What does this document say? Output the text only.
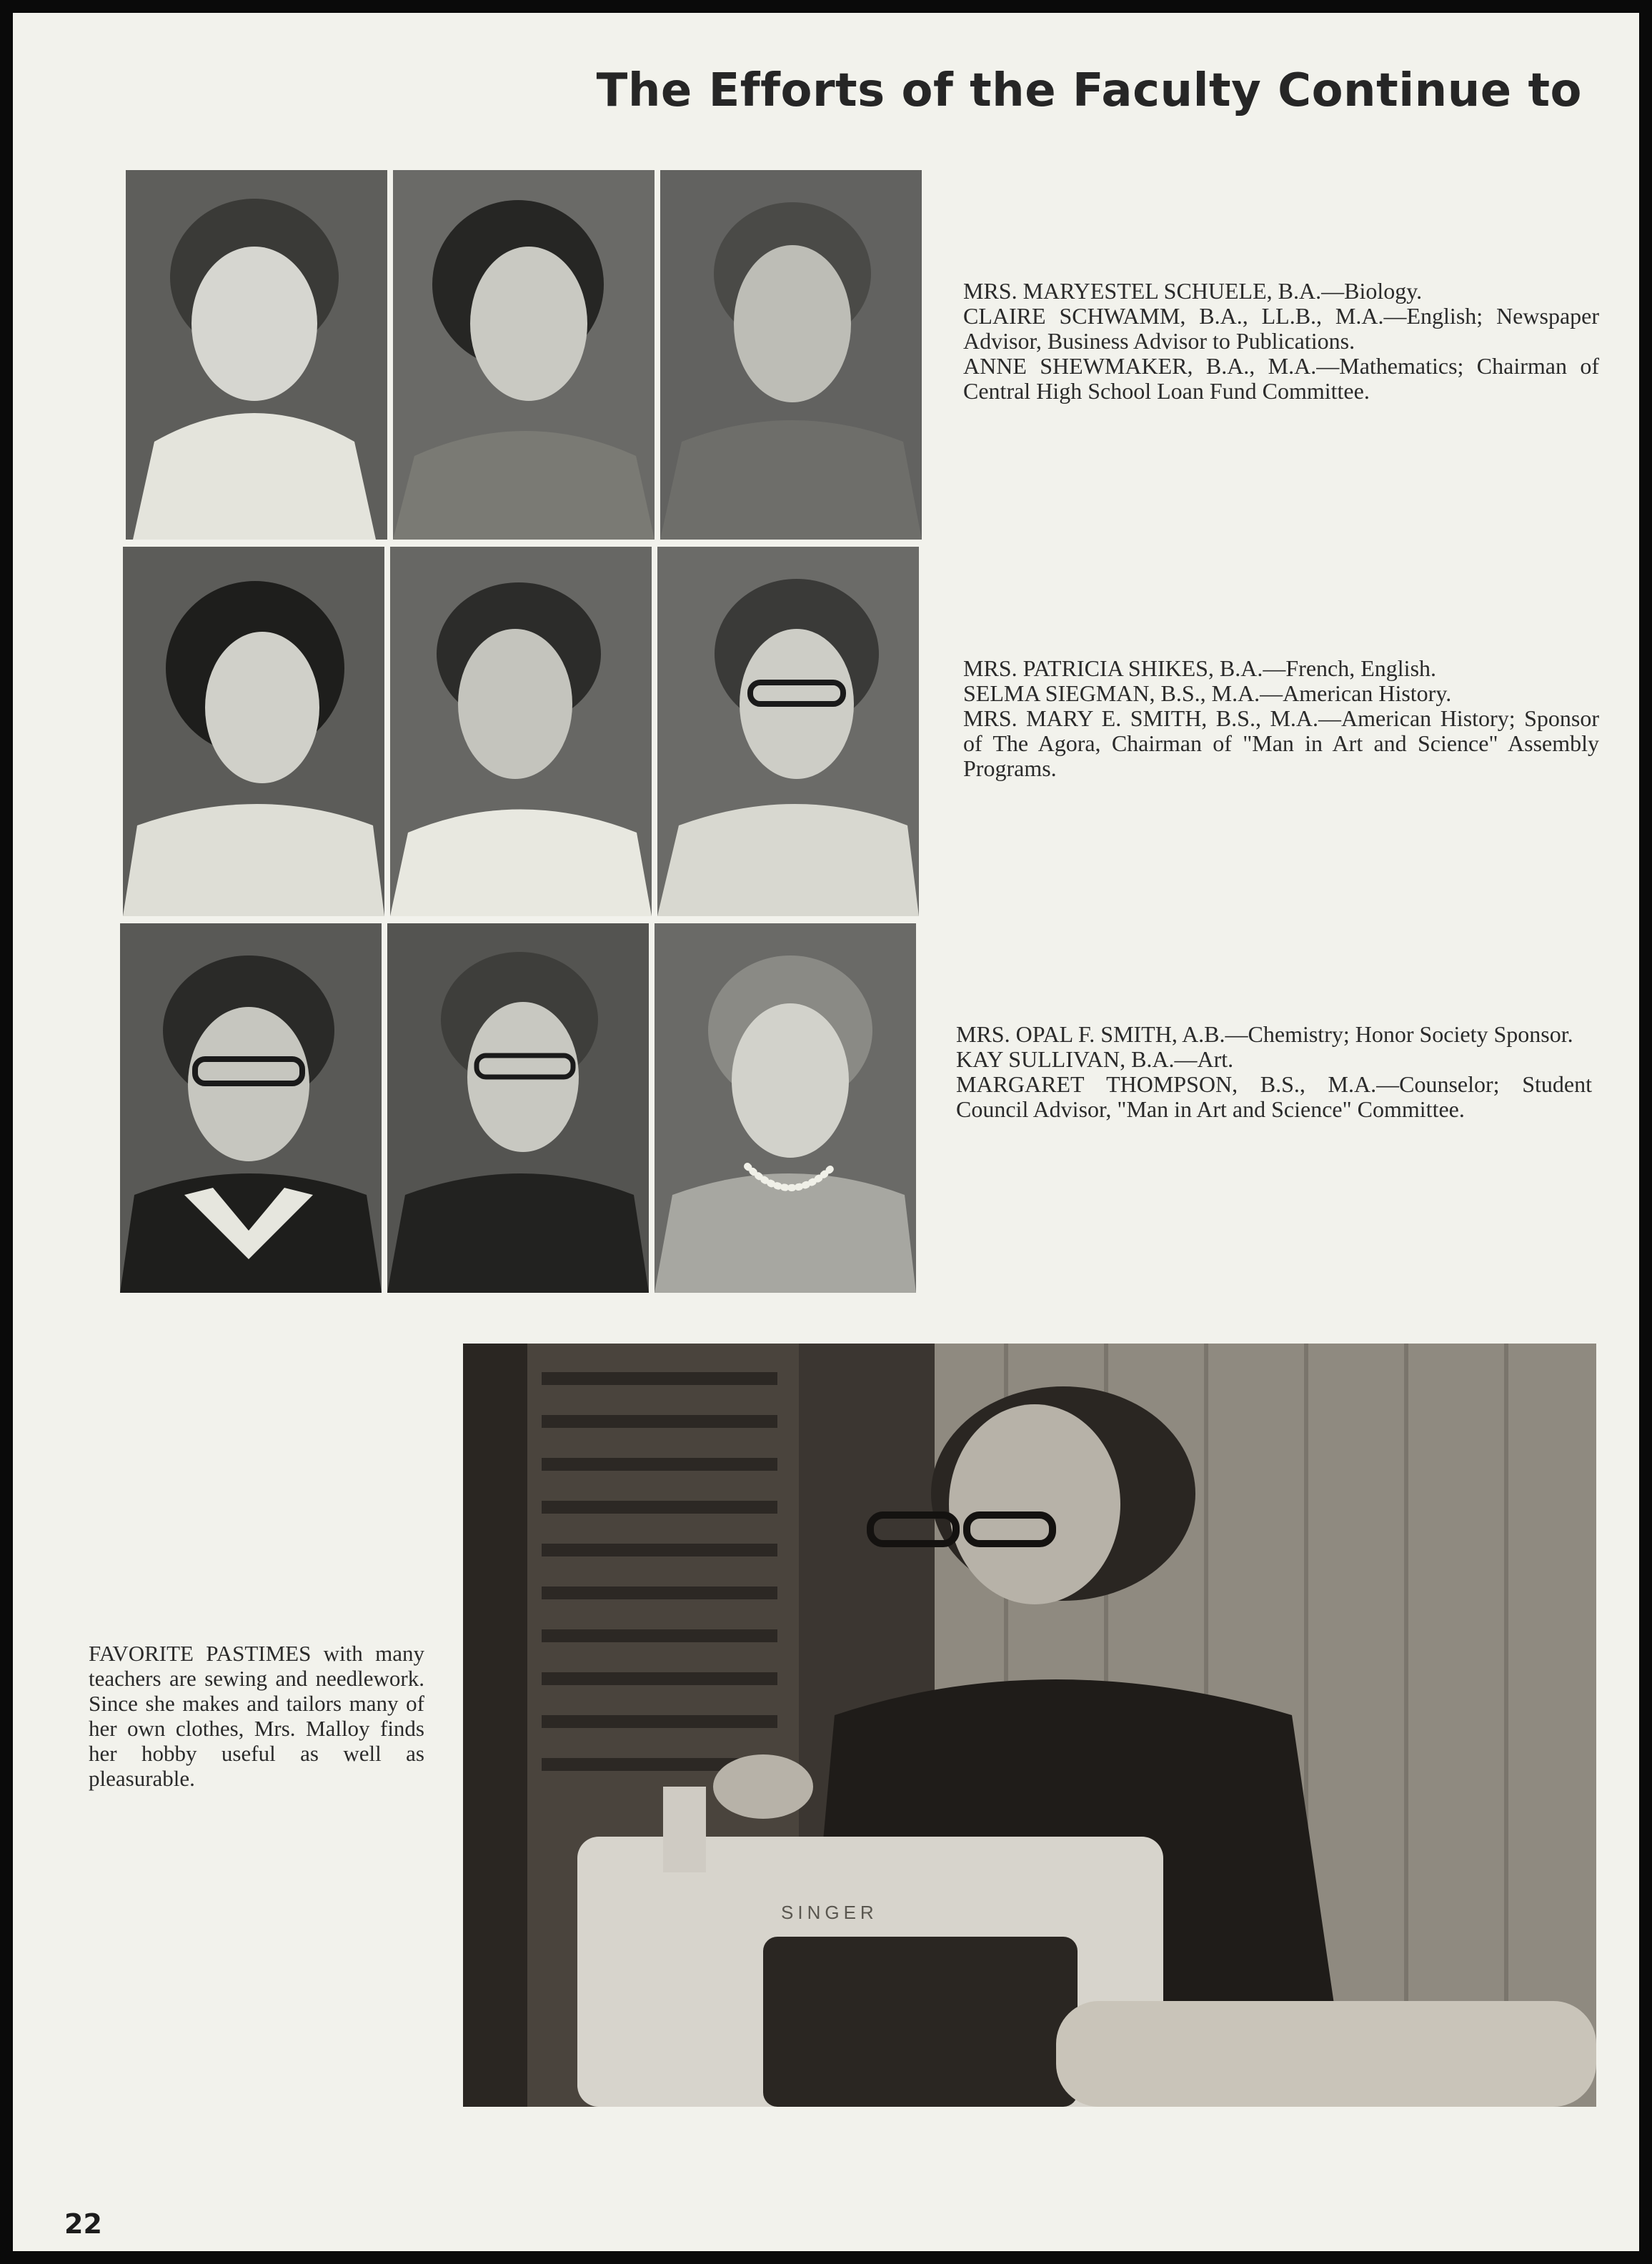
The Efforts of the Faculty Continue to

MRS. MARYESTEL SCHUELE, B.A.—Biology.

CLAIRE SCHWAMM, B.A., LL.B., M.A.—English; Newspaper Advisor, Business Advisor to Publications.

ANNE SHEWMAKER, B.A., M.A.—Mathematics; Chairman of Central High School Loan Fund Committee.

MRS. PATRICIA SHIKES, B.A.—French, English.

SELMA SIEGMAN, B.S., M.A.—American History.

MRS. MARY E. SMITH, B.S., M.A.—American History; Sponsor of The Agora, Chairman of "Man in Art and Science" Assembly Programs.

MRS. OPAL F. SMITH, A.B.—Chemistry; Honor Society Sponsor.

KAY SULLIVAN, B.A.—Art.

MARGARET THOMPSON, B.S., M.A.—Counselor; Student Council Advisor, "Man in Art and Science" Committee.

SINGER

FAVORITE PASTIMES with many teachers are sewing and needlework. Since she makes and tailors many of her own clothes, Mrs. Malloy finds her hobby useful as well as pleasurable.

22
